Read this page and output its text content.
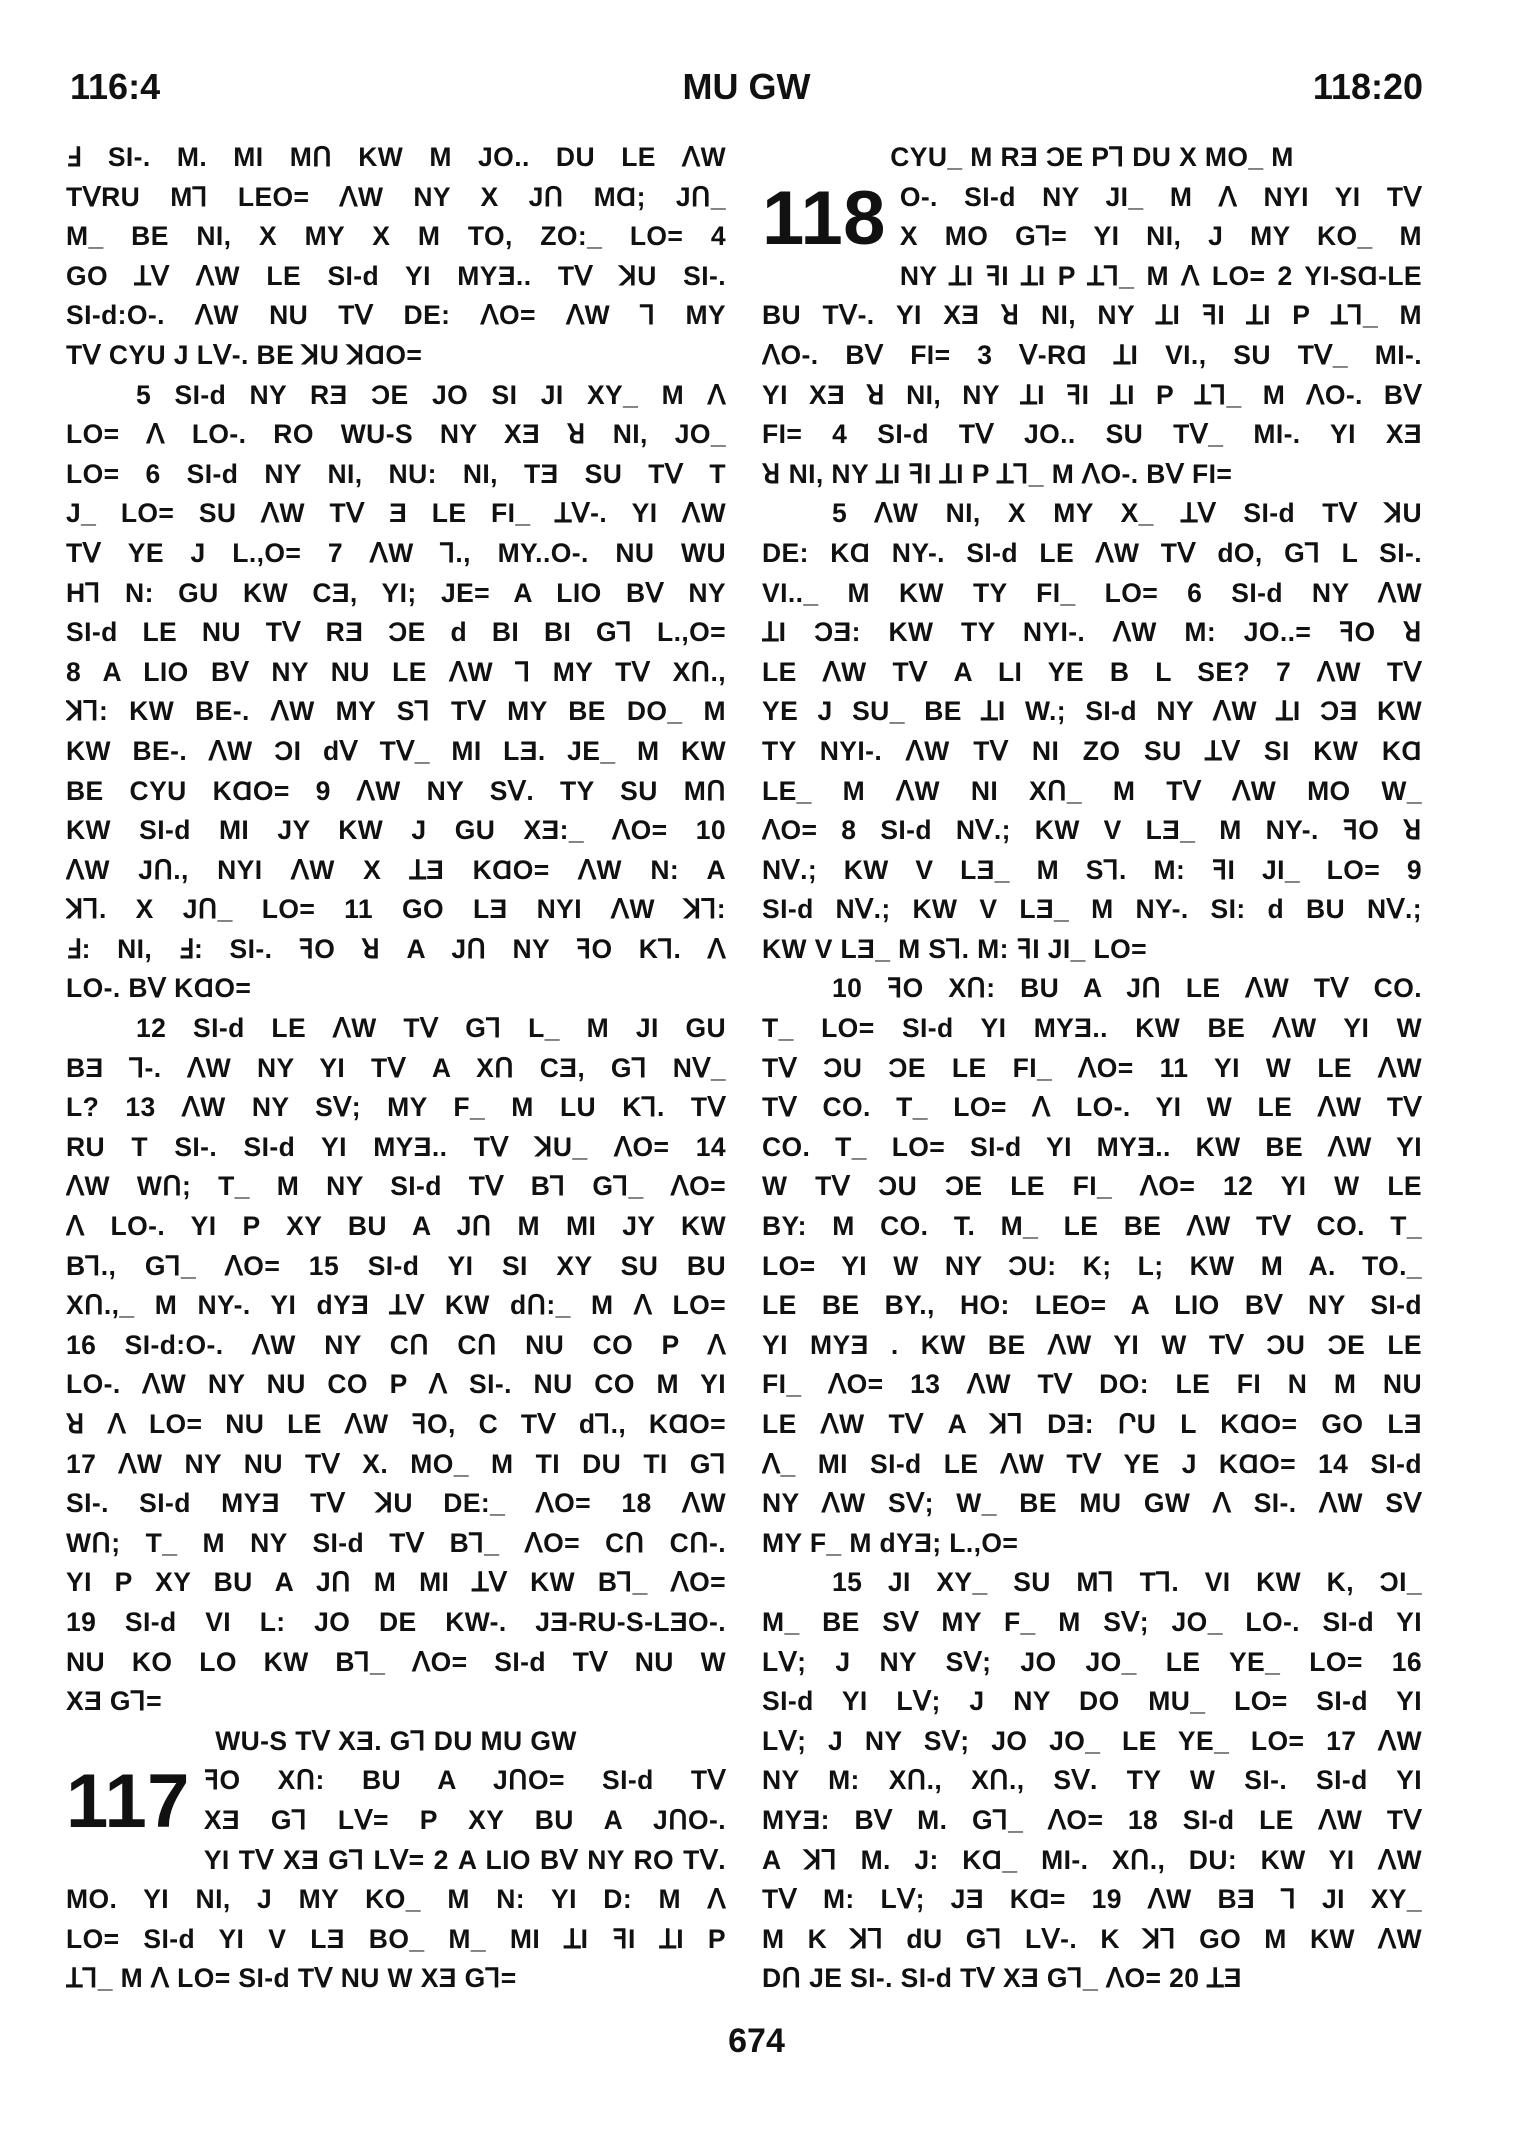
116:4	MU GW	118:20
Ⅎ SI-. M. MI MՈ KW M JO.. DU LE ᐱW
TᐯRU MꞀ LEO= ᐱW NY X JՈ MⱭ; JՈ_
M_ BE NI, X MY X M TO, ZO:_ LO= 4
GO ꓕᐯ ᐱW LE SI-d YI MYƎ.. Tᐯ ꓘU SI-.
SI-d:O-. ᐱW NU Tᐯ DE: ᐱO= ᐱW Ꞁ MY
Tᐯ CYU J Lᐯ-. BE ꓘU ꓘⱭO=
5 SI-d NY RƎ ƆE JO SI JI XY_ M ᐱ
LO= ᐱ LO-. RO WU-S NY XƎ ꓤ NI, JO_
LO= 6 SI-d NY NI, NU: NI, TƎ SU Tᐯ T
J_ LO= SU ᐱW Tᐯ Ǝ LE FI_ ꓕᐯ-. YI ᐱW
Tᐯ YE J L.,O= 7 ᐱW Ꞁ., MY..O-. NU WU
HꞀ N: GU KW CƎ, YI; JE= A LIO Bᐯ NY
SI-d LE NU Tᐯ RƎ ƆE d BI BI GꞀ L.,O=
8 A LIO Bᐯ NY NU LE ᐱW Ꞁ MY Tᐯ XՈ.,
ꓘꓶ: KW BE-. ᐱW MY SꞀ Tᐯ MY BE DO_ M
KW BE-. ᐱW ƆI dᐯ Tᐯ_ MI LƎ. JE_ M KW
BE CYU KⱭO= 9 ᐱW NY Sᐯ. TY SU MՈ
KW SI-d MI JY KW J GU XƎ:_ ᐱO= 10
ᐱW JՈ., NYI ᐱW X ꓕƎ KⱭO= ᐱW N: A
ꓘꓶ. X JՈ_ LO= 11 GO LƎ NYI ᐱW ꓘꓶ:
Ⅎ: NI, Ⅎ: SI-. ꟻO ꓤ A JՈ NY ꟻO KꞀ. ᐱ
LO-. Bᐯ KⱭO=
12 SI-d LE ᐱW Tᐯ GꞀ L_ M JI GU
BƎ Ꞁ-. ᐱW NY YI Tᐯ A XՈ CƎ, GꞀ Nᐯ_
L? 13 ᐱW NY Sᐯ; MY F_ M LU KꞀ. Tᐯ
RU T SI-. SI-d YI MYƎ.. Tᐯ ꓘU_ ᐱO= 14
ᐱW WՈ; T_ M NY SI-d Tᐯ BꞀ GꞀ_ ᐱO=
ᐱ LO-. YI P XY BU A JՈ M MI JY KW
BꞀ., GꞀ_ ᐱO= 15 SI-d YI SI XY SU BU
XՈ.,_ M NY-. YI dYƎ ꓕᐯ KW dՈ:_ M ᐱ LO=
16 SI-d:O-. ᐱW NY CՈ CՈ NU CO P ᐱ
LO-. ᐱW NY NU CO P ᐱ SI-. NU CO M YI
ꓤ ᐱ LO= NU LE ᐱW ꟻO, C Tᐯ dꞀ., KⱭO=
17 ᐱW NY NU Tᐯ X. MO_ M TI DU TI GꞀ
SI-. SI-d MYƎ Tᐯ ꓘU DE:_ ᐱO= 18 ᐱW
WՈ; T_ M NY SI-d Tᐯ BꞀ_ ᐱO= CՈ CՈ-.
YI P XY BU A JՈ M MI ꓕᐯ KW BꞀ_ ᐱO=
19 SI-d VI L: JO DE KW-. JƎ-RU-S-LƎO-.
NU KO LO KW BꞀ_ ᐱO= SI-d Tᐯ NU W
XƎ GꞀ=
WU-S Tᐯ XƎ. GꞀ DU MU GW
117 ꟻO XՈ: BU A JՈO= SI-d Tᐯ
XƎ GꞀ Lᐯ= P XY BU A JՈO-.
YI Tᐯ XƎ GꞀ Lᐯ= 2 A LIO Bᐯ NY RO Tᐯ.
MO. YI NI, J MY KO_ M N: YI D: M ᐱ
LO= SI-d YI V LƎ BO_ M_ MI ꓕI ꟻI ꓕI P
ꓕꞀ_ M ᐱ LO= SI-d Tᐯ NU W XƎ GꞀ=
CYU_ M RƎ ƆE PꞀ DU X MO_ M
118 O-. SI-d NY JI_ M ᐱ NYI YI Tᐯ
X MO GꞀ= YI NI, J MY KO_ M
NY ꓕI ꟻI ꓕI P ꓕꞀ_ M ᐱ LO= 2 YI-SⱭ-LE
BU Tᐯ-. YI XƎ ꓤ NI, NY ꓕI ꟻI ꓕI P ꓕꞀ_ M
ᐱO-. Bᐯ FI= 3 ᐯ-RⱭ ꓕI VI., SU Tᐯ_ MI-.
YI XƎ ꓤ NI, NY ꓕI ꟻI ꓕI P ꓕꞀ_ M ᐱO-. Bᐯ
FI= 4 SI-d Tᐯ JO.. SU Tᐯ_ MI-. YI XƎ
ꓤ NI, NY ꓕI ꟻI ꓕI P ꓕꞀ_ M ᐱO-. Bᐯ FI=
5 ᐱW NI, X MY X_ ꓕᐯ SI-d Tᐯ ꓘU
DE: KⱭ NY-. SI-d LE ᐱW Tᐯ dO, GꞀ L SI-.
VI.._ M KW TY FI_ LO= 6 SI-d NY ᐱW
ꓕI ƆƎ: KW TY NYI-. ᐱW M: JO..= ꟻO ꓤ
LE ᐱW Tᐯ A LI YE B L SE? 7 ᐱW Tᐯ
YE J SU_ BE ꓕI W.; SI-d NY ᐱW ꓕI ƆƎ KW
TY NYI-. ᐱW Tᐯ NI ZO SU ꓕᐯ SI KW KⱭ
LE_ M ᐱW NI XՈ_ M Tᐯ ᐱW MO W_
ᐱO= 8 SI-d Nᐯ.; KW V LƎ_ M NY-. ꟻO ꓤ
Nᐯ.; KW V LƎ_ M SꞀ. M: ꟻI JI_ LO= 9
SI-d Nᐯ.; KW V LƎ_ M NY-. SI: d BU Nᐯ.;
KW V LƎ_ M SꞀ. M: ꟻI JI_ LO=
10 ꟻO XՈ: BU A JՈ LE ᐱW Tᐯ CO.
T_ LO= SI-d YI MYƎ.. KW BE ᐱW YI W
Tᐯ ƆU ƆE LE FI_ ᐱO= 11 YI W LE ᐱW
Tᐯ CO. T_ LO= ᐱ LO-. YI W LE ᐱW Tᐯ
CO. T_ LO= SI-d YI MYƎ.. KW BE ᐱW YI
W Tᐯ ƆU ƆE LE FI_ ᐱO= 12 YI W LE
BY: M CO. T. M_ LE BE ᐱW Tᐯ CO. T_
LO= YI W NY ƆU: K; L; KW M A. TO._
LE BE BY., HO: LEO= A LIO Bᐯ NY SI-d
YI MYƎ . KW BE ᐱW YI W Tᐯ ƆU ƆE LE
FI_ ᐱO= 13 ᐱW Tᐯ DO: LE FI N M NU
LE ᐱW Tᐯ A ꓘꓶ DƎ: ՐU L KⱭO= GO LƎ
ᐱ_ MI SI-d LE ᐱW Tᐯ YE J KⱭO= 14 SI-d
NY ᐱW Sᐯ; W_ BE MU GW ᐱ SI-. ᐱW Sᐯ
MY F_ M dYƎ; L.,O=
15 JI XY_ SU MꞀ TꞀ. VI KW K, ƆI_
M_ BE Sᐯ MY F_ M Sᐯ; JO_ LO-. SI-d YI
Lᐯ; J NY Sᐯ; JO JO_ LE YE_ LO= 16
SI-d YI Lᐯ; J NY DO MU_ LO= SI-d YI
Lᐯ; J NY Sᐯ; JO JO_ LE YE_ LO= 17 ᐱW
NY M: XՈ., XՈ., Sᐯ. TY W SI-. SI-d YI
MYƎ: Bᐯ M. GꞀ_ ᐱO= 18 SI-d LE ᐱW Tᐯ
A ꓘꓶ M. J: KⱭ_ MI-. XՈ., DU: KW YI ᐱW
Tᐯ M: Lᐯ; JƎ KⱭ= 19 ᐱW BƎ Ꞁ JI XY_
M K ꓘꓶ dU GꞀ Lᐯ-. K ꓘꓶ GO M KW ᐱW
DՈ JE SI-. SI-d Tᐯ XƎ GꞀ_ ᐱO= 20 ꓕƎ
674
